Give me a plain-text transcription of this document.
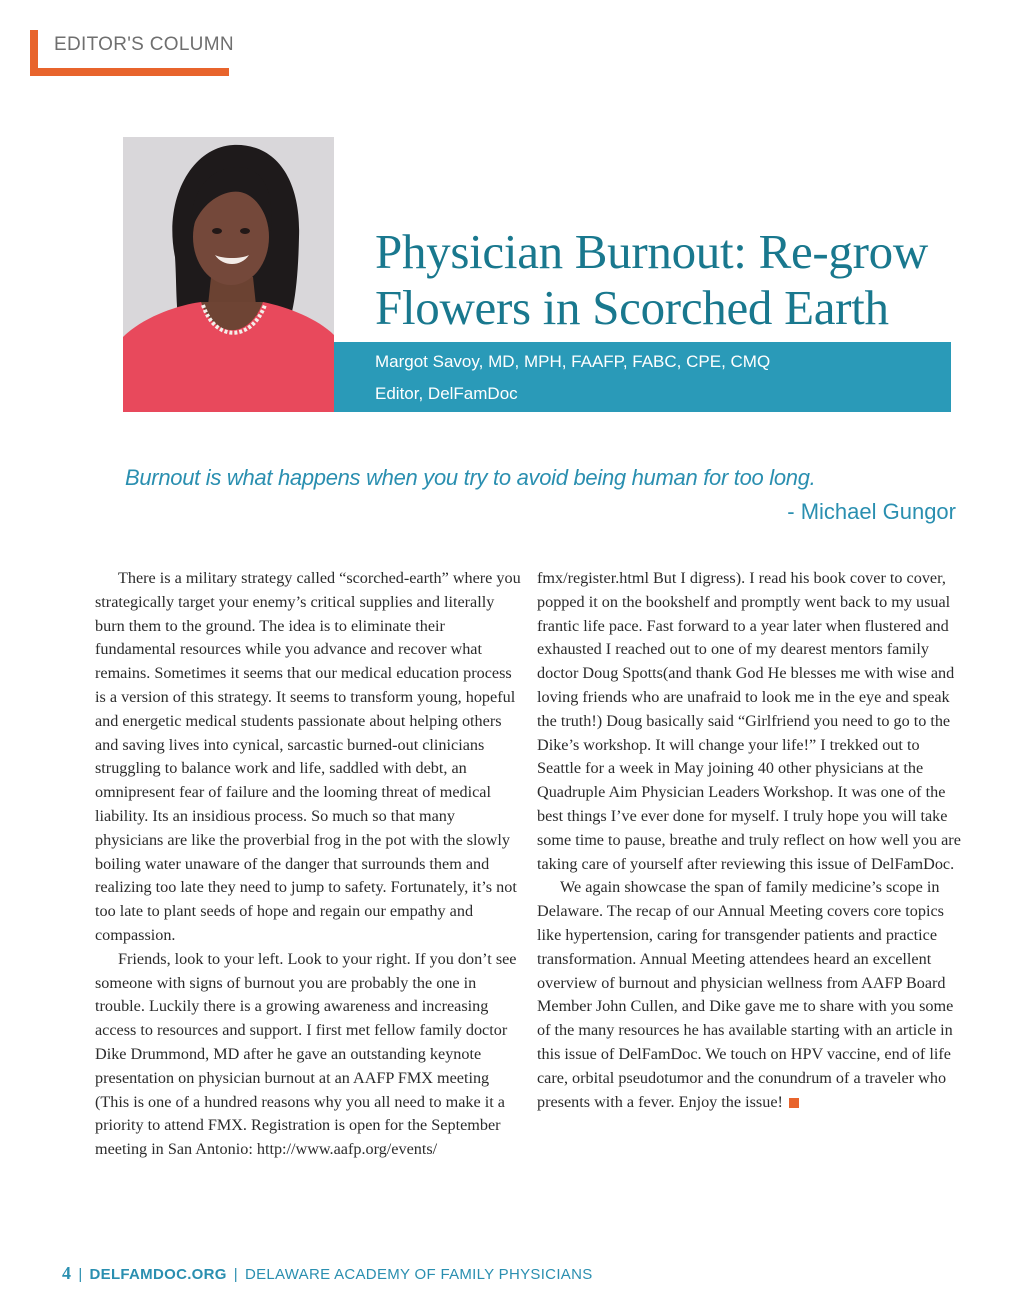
EDITOR'S COLUMN
Physician Burnout: Re-grow
Flowers in Scorched Earth

Margot Savoy, MD, MPH, FAAFP, FABC, CPE, CMQ

Editor, DelFamDoc

Burnout is what happens when you try to avoid being human for too long.

- Michael Gungor

There is a military strategy called “scorched-earth” where you strategically target your enemy’s critical supplies and literally burn them to the ground. The idea is to eliminate their fundamental resources while you advance and recover what remains. Sometimes it seems that our medical education process is a version of this strategy. It seems to transform young, hopeful and energetic medical students passionate about helping others and saving lives into cynical, sarcastic burned-out clinicians struggling to balance work and life, saddled with debt, an omnipresent fear of failure and the looming threat of medical liability. Its an insidious process. So much so that many physicians are like the proverbial frog in the pot with the slowly boiling water unaware of the danger that surrounds them and realizing too late they need to jump to safety. Fortunately, it’s not too late to plant seeds of hope and regain our empathy and compassion.

Friends, look to your left. Look to your right. If you don’t see someone with signs of burnout you are probably the one in trouble. Luckily there is a growing awareness and increasing access to resources and support. I first met fellow family doctor Dike Drummond, MD after he gave an outstanding keynote presentation on physician burnout at an AAFP FMX meeting (This is one of a hundred reasons why you all need to make it a priority to attend FMX. Registration is open for the September meeting in San Antonio: http://www.aafp.org/events/

fmx/register.html But I digress). I read his book cover to cover, popped it on the bookshelf and promptly went back to my usual frantic life pace. Fast forward to a year later when flustered and exhausted I reached out to one of my dearest mentors family doctor Doug Spotts(and thank God He blesses me with wise and loving friends who are unafraid to look me in the eye and speak the truth!) Doug basically said “Girlfriend you need to go to the Dike’s workshop. It will change your life!” I trekked out to Seattle for a week in May joining 40 other physicians at the Quadruple Aim Physician Leaders Workshop. It was one of the best things I’ve ever done for myself. I truly hope you will take some time to pause, breathe and truly reflect on how well you are taking care of yourself after reviewing this issue of DelFamDoc.

We again showcase the span of family medicine’s scope in Delaware. The recap of our Annual Meeting covers core topics like hypertension, caring for transgender patients and practice transformation. Annual Meeting attendees heard an excellent overview of burnout and physician wellness from AAFP Board Member John Cullen, and Dike gave me to share with you some of the many resources he has available starting with an article in this issue of DelFamDoc. We touch on HPV vaccine, end of life care, orbital pseudotumor and the conundrum of a traveler who presents with a fever. Enjoy the issue!

4 | DELFAMDOC.ORG | DELAWARE ACADEMY OF FAMILY PHYSICIANS
